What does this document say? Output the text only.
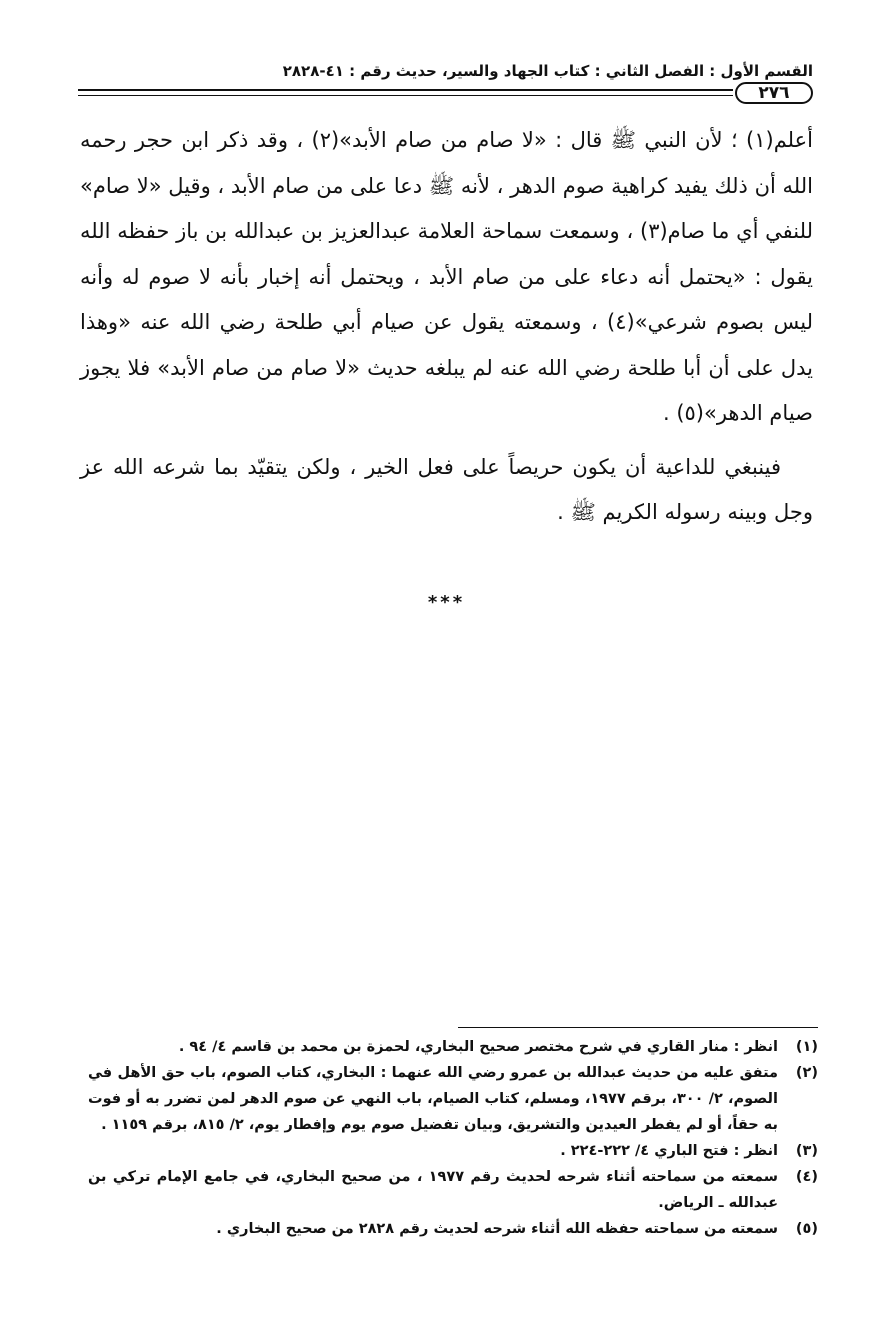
القسم الأول : الفصل الثاني : كتاب الجهاد والسير، حديث رقم : ٤١-٢٨٢٨
٢٧٦

أعلم(١) ؛ لأن النبي ﷺ قال : «لا صام من صام الأبد»(٢) ، وقد ذكر ابن حجر رحمه الله أن ذلك يفيد كراهية صوم الدهر ، لأنه ﷺ دعا على من صام الأبد ، وقيل «لا صام» للنفي أي ما صام(٣) ، وسمعت سماحة العلامة عبدالعزيز بن عبدالله بن باز حفظه الله يقول : «يحتمل أنه دعاء على من صام الأبد ، ويحتمل أنه إخبار بأنه لا صوم له وأنه ليس بصوم شرعي»(٤) ، وسمعته يقول عن صيام أبي طلحة رضي الله عنه «وهذا يدل على أن أبا طلحة رضي الله عنه لم يبلغه حديث «لا صام من صام الأبد» فلا يجوز صيام الدهر»(٥) .

فينبغي للداعية أن يكون حريصاً على فعل الخير ، ولكن يتقيّد بما شرعه الله عز وجل وبينه رسوله الكريم ﷺ .

***

(١)
انظر : منار القاري في شرح مختصر صحيح البخاري، لحمزة بن محمد بن قاسم ٤/ ٩٤ .

(٢)
متفق عليه من حديث عبدالله بن عمرو رضي الله عنهما : البخاري، كتاب الصوم، باب حق الأهل في الصوم، ٢/ ٣٠٠، برقم ١٩٧٧، ومسلم، كتاب الصيام، باب النهي عن صوم الدهر لمن تضرر به أو فوت به حقاً، أو لم يفطر العيدين والتشريق، وبيان تفضيل صوم يوم وإفطار يوم، ٢/ ٨١٥، برقم ١١٥٩ .

(٣)
انظر : فتح الباري ٤/ ٢٢٢-٢٢٤ .

(٤)
سمعته من سماحته أثناء شرحه لحديث رقم ١٩٧٧ ، من صحيح البخاري، في جامع الإمام تركي بن عبدالله ـ الرياض.

(٥)
سمعته من سماحته حفظه الله أثناء شرحه لحديث رقم ٢٨٢٨ من صحيح البخاري .
